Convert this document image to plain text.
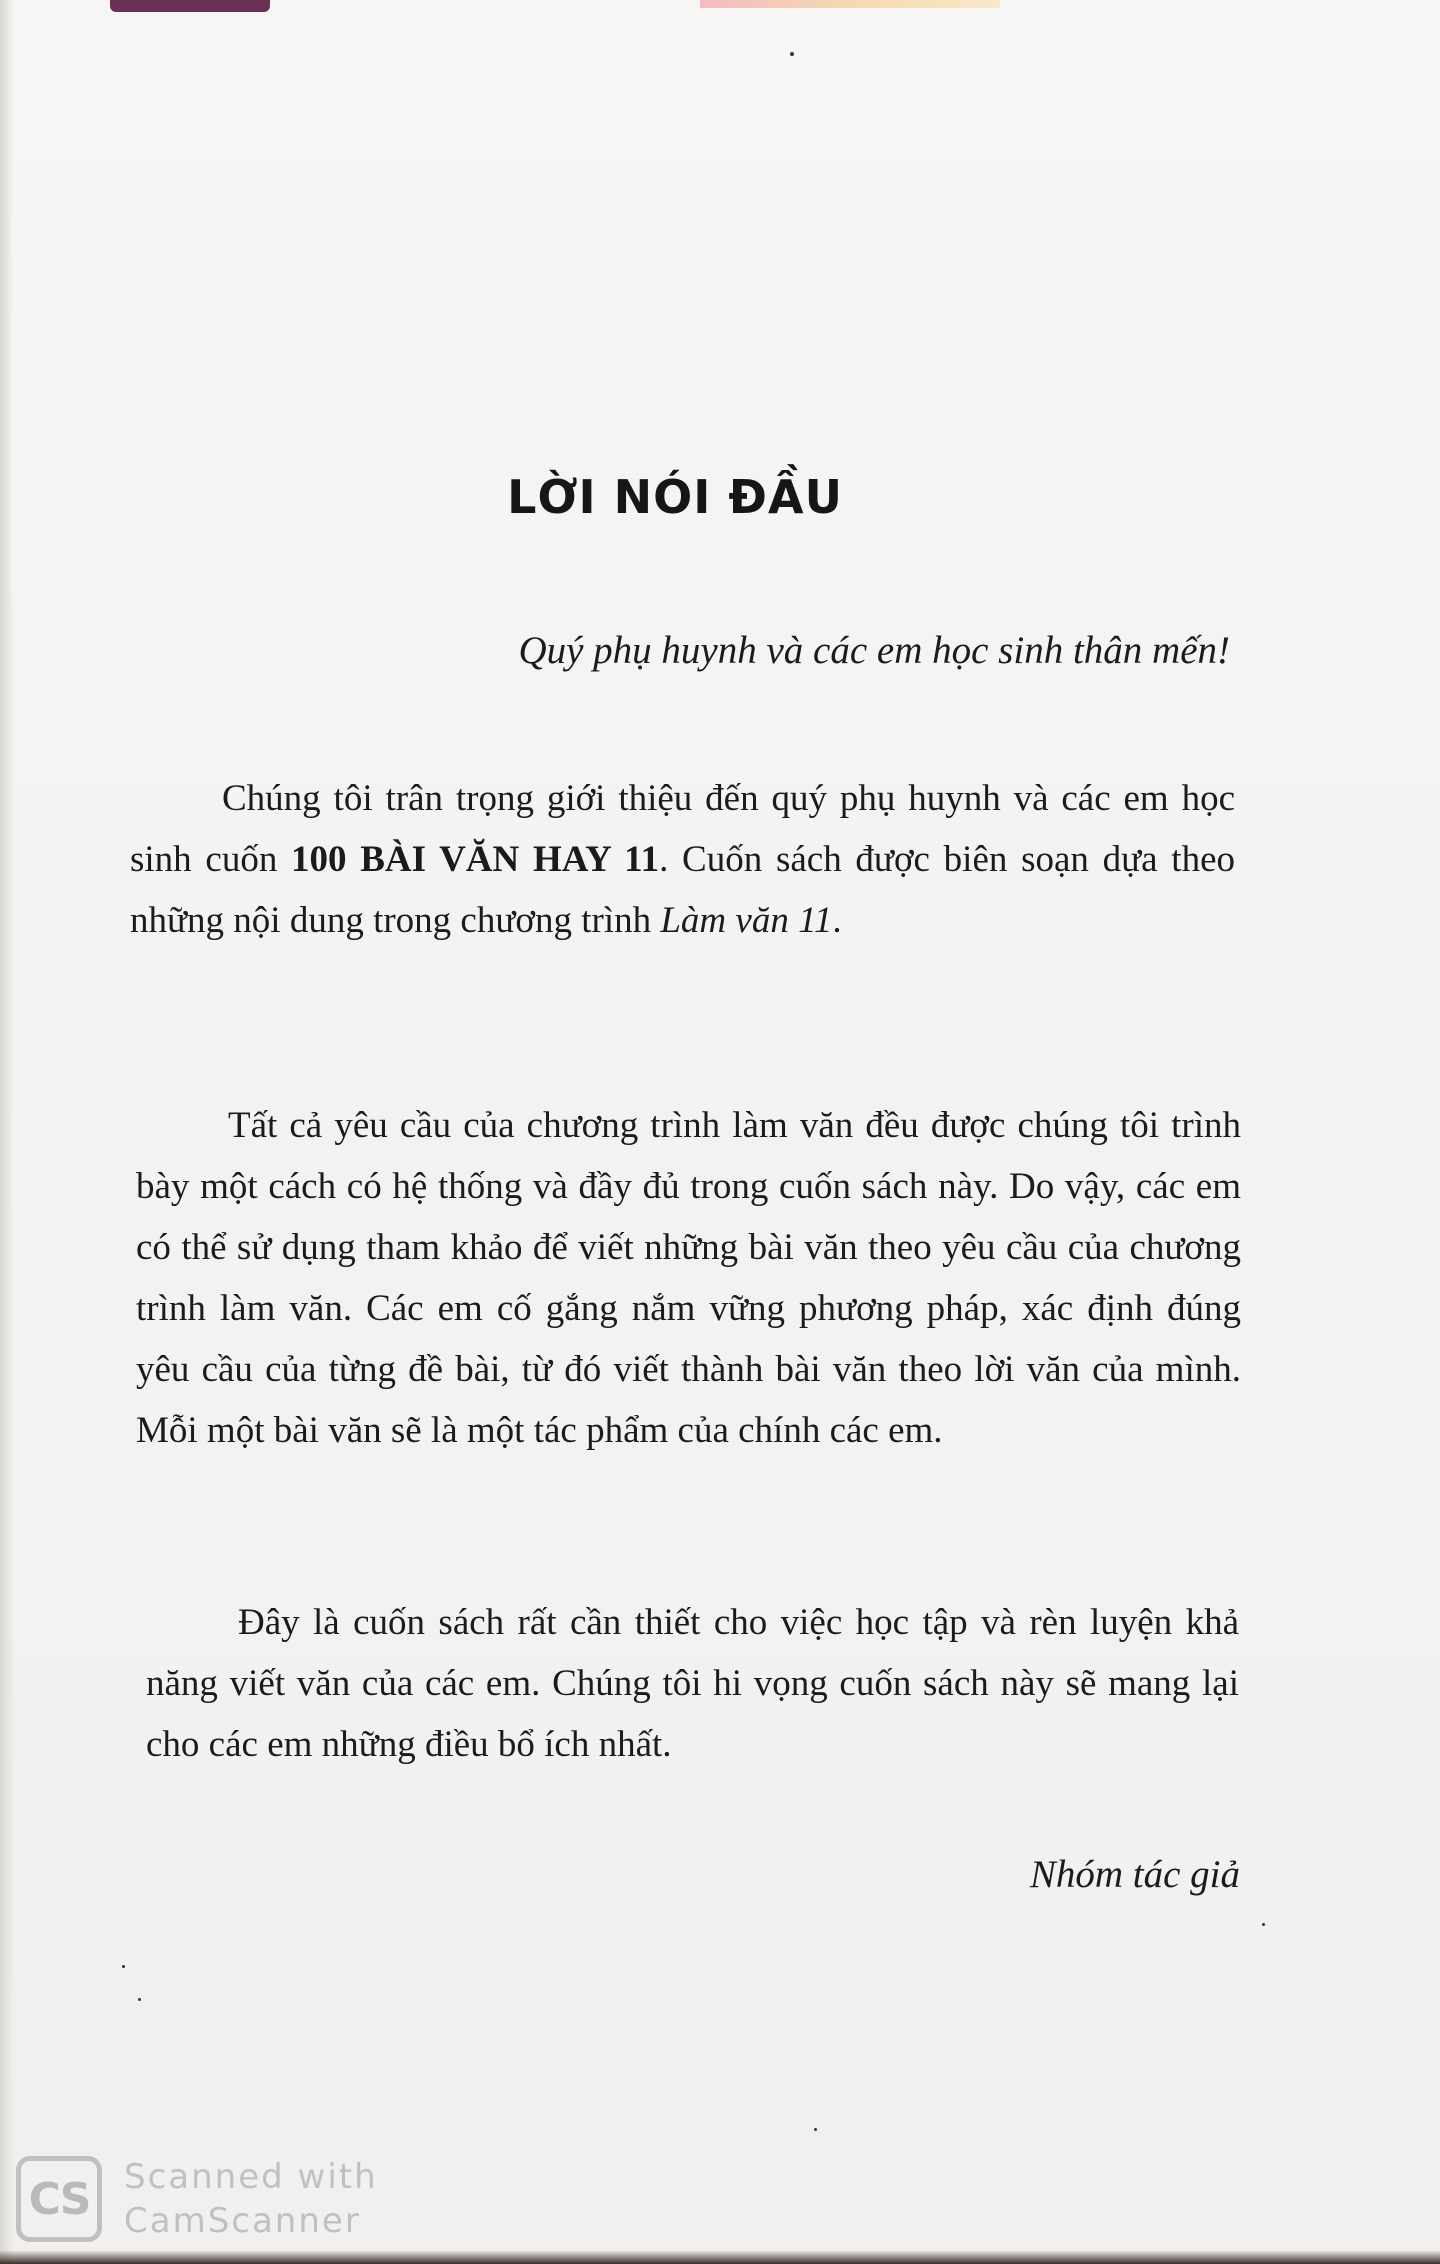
LỜI NÓI ĐẦU
Quý phụ huynh và các em học sinh thân mến!

Chúng tôi trân trọng giới thiệu đến quý phụ huynh và các em học sinh cuốn 100 BÀI VĂN HAY 11. Cuốn sách được biên soạn dựa theo những nội dung trong chương trình Làm văn 11.

Tất cả yêu cầu của chương trình làm văn đều được chúng tôi trình bày một cách có hệ thống và đầy đủ trong cuốn sách này. Do vậy, các em có thể sử dụng tham khảo để viết những bài văn theo yêu cầu của chương trình làm văn. Các em cố gắng nắm vững phương pháp, xác định đúng yêu cầu của từng đề bài, từ đó viết thành bài văn theo lời văn của mình. Mỗi một bài văn sẽ là một tác phẩm của chính các em.

Đây là cuốn sách rất cần thiết cho việc học tập và rèn luyện khả năng viết văn của các em. Chúng tôi hi vọng cuốn sách này sẽ mang lại cho các em những điều bổ ích nhất.

Nhóm tác giả
CS	Scanned with
CamScanner
